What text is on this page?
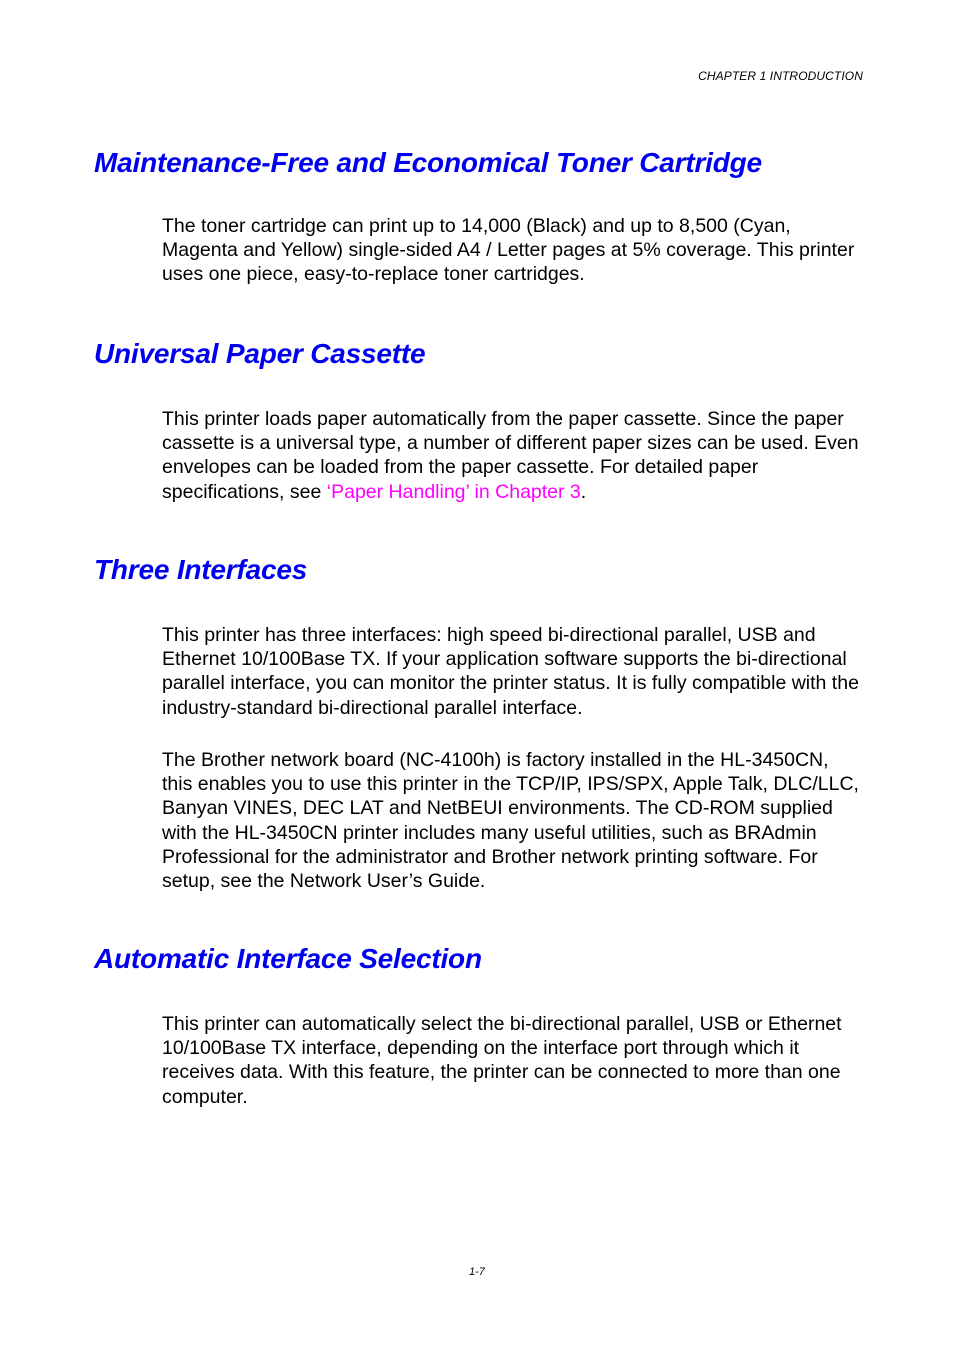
CHAPTER 1 INTRODUCTION
Maintenance-Free and Economical Toner Cartridge

The toner cartridge can print up to 14,000 (Black) and up to 8,500 (Cyan, Magenta and Yellow) single-sided A4 / Letter pages at 5% coverage. This printer uses one piece, easy-to-replace toner cartridges.

Universal Paper Cassette

This printer loads paper automatically from the paper cassette. Since the paper cassette is a universal type, a number of different paper sizes can be used. Even envelopes can be loaded from the paper cassette. For detailed paper specifications, see ‘Paper Handling’ in Chapter 3.

Three Interfaces

This printer has three interfaces: high speed bi-directional parallel, USB and Ethernet 10/100Base TX. If your application software supports the bi-directional parallel interface, you can monitor the printer status. It is fully compatible with the industry-standard bi-directional parallel interface.

The Brother network board (NC-4100h) is factory installed in the HL-3450CN, this enables you to use this printer in the TCP/IP, IPS/SPX, Apple Talk, DLC/LLC, Banyan VINES, DEC LAT and NetBEUI environments. The CD-ROM supplied with the HL-3450CN printer includes many useful utilities, such as BRAdmin Professional for the administrator and Brother network printing software. For setup, see the Network User’s Guide.

Automatic Interface Selection

This printer can automatically select the bi-directional parallel, USB or Ethernet 10/100Base TX interface, depending on the interface port through which it receives data. With this feature, the printer can be connected to more than one computer.

1-7
